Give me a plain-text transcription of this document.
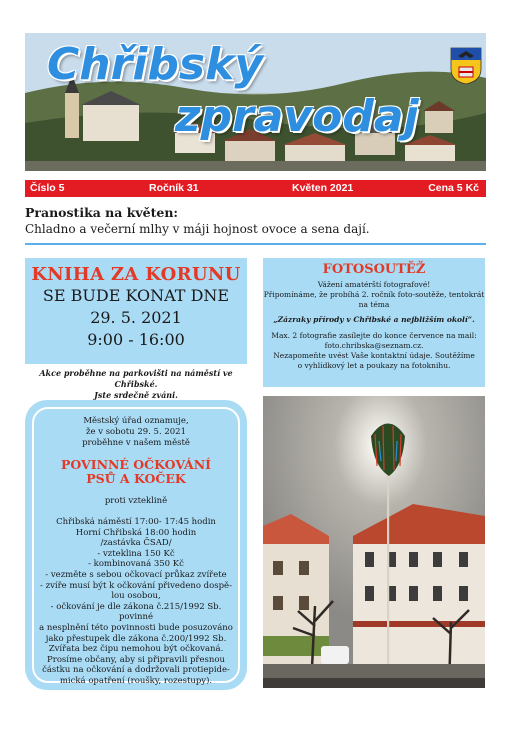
Chřibský
zpravodaj
Číslo 5	Ročník 31	Květen 2021	Cena 5 Kč
Pranostika na květen:
Chladno a večerní mlhy v máji hojnost ovoce a sena dají.
KNIHA ZA KORUNU
SE BUDE KONAT DNE
29. 5. 2021
9:00 - 16:00
Akce proběhne na parkovišti na náměstí ve Chřibské.
Jste srdečně zváni.
FOTOSOUTĚŽ

Vážení amatérští fotografové!

Připomínáme, že probíhá 2. ročník foto-soutěže, tentokrát

na téma

„Zázraky přírody v Chřibské a nejbližším okolí“.

Max. 2 fotografie zasílejte do konce července na mail:

foto.chribska@seznam.cz.

Nezapomeňte uvést Vaše kontaktní údaje. Soutěžíme

o vyhlídkový let a poukazy na fotoknihu.

Městský úřad oznamuje,
že v sobotu 29. 5. 2021
proběhne v našem městě
POVINNÉ OČKOVÁNÍ
PSŮ A KOČEK
proti vzteklině
Chřibská náměstí 17:00- 17:45 hodin
Horní Chřibská 18:00 hodin
/zastávka ČSAD/
- vzteklina 150 Kč
- kombinovaná 350 Kč
- vezměte s sebou očkovací průkaz zvířete
- zvíře musí být k očkování přivedeno dospě-
lou osobou,
- očkování je dle zákona č.215/1992 Sb.
povinné
a nesplnění této povinnosti bude posuzováno
jako přestupek dle zákona č.200/1992 Sb.
Zvířata bez čipu nemohou být očkovaná.
Prosíme občany, aby si připravili přesnou
částku na očkování a dodržovali protiepide-
mická opatření (roušky, rozestupy).
